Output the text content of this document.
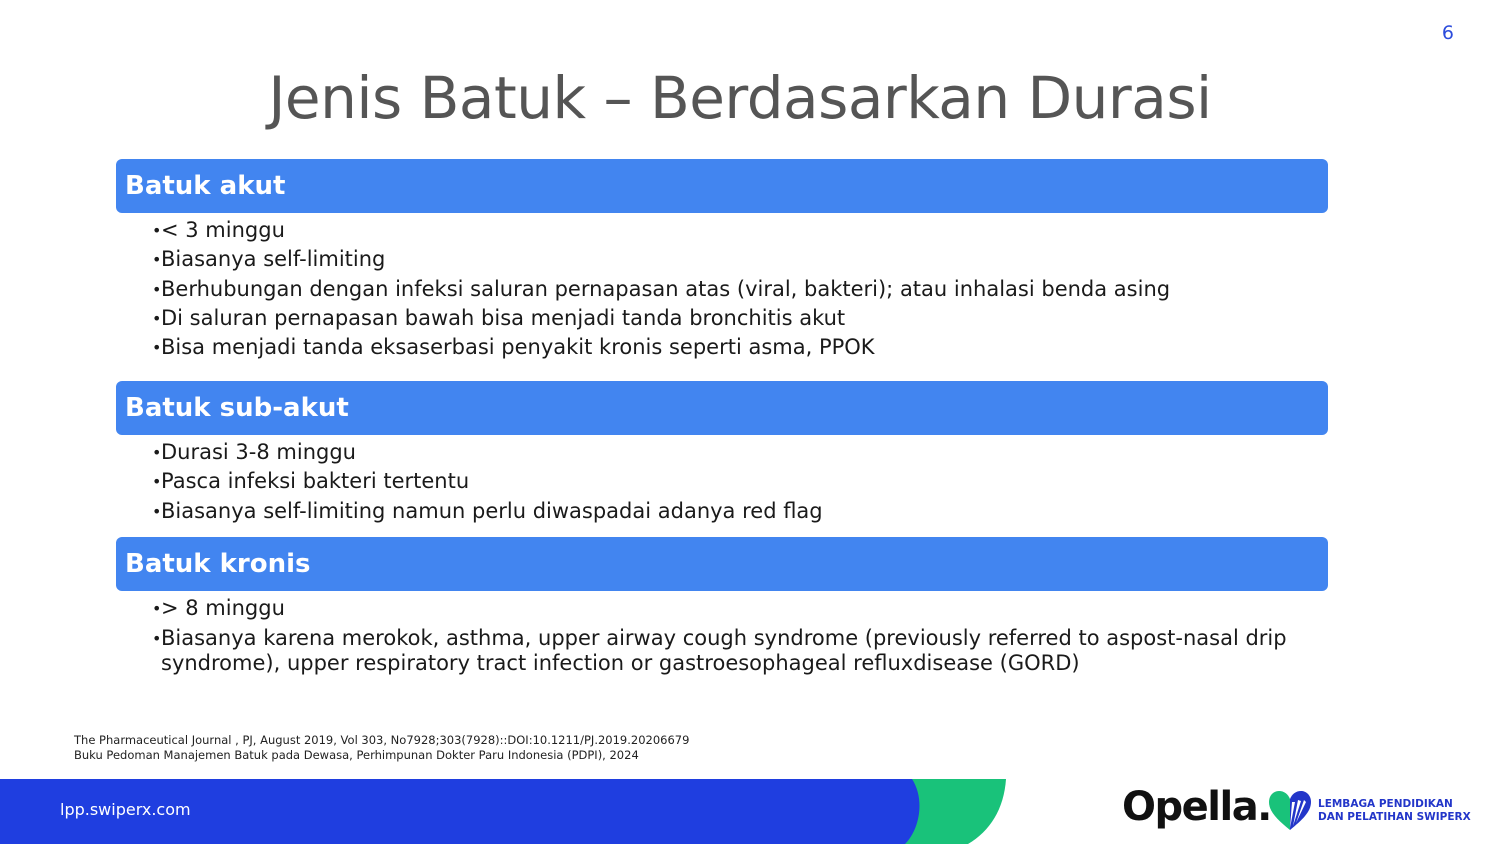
6
Jenis Batuk – Berdasarkan Durasi
Batuk akut
• < 3 minggu
• Biasanya self-limiting
• Berhubungan dengan infeksi saluran pernapasan atas (viral, bakteri); atau inhalasi benda asing
• Di saluran pernapasan bawah bisa menjadi tanda bronchitis akut
• Bisa menjadi tanda eksaserbasi penyakit kronis seperti asma, PPOK
Batuk sub-akut
• Durasi 3-8 minggu
• Pasca infeksi bakteri tertentu
• Biasanya self-limiting namun perlu diwaspadai adanya red flag
Batuk kronis
• > 8 minggu
• Biasanya karena merokok, asthma, upper airway cough syndrome (previously referred to aspost-nasal drip syndrome), upper respiratory tract infection or gastroesophageal refluxdisease (GORD)
The Pharmaceutical Journal , PJ, August 2019, Vol 303, No7928;303(7928)::DOI:10.1211/PJ.2019.20206679
Buku Pedoman Manajemen Batuk pada Dewasa, Perhimpunan Dokter Paru Indonesia (PDPI), 2024
lpp.swiperx.com	Opella.	LEMBAGA PENDIDIKAN
DAN PELATIHAN SWIPERX
